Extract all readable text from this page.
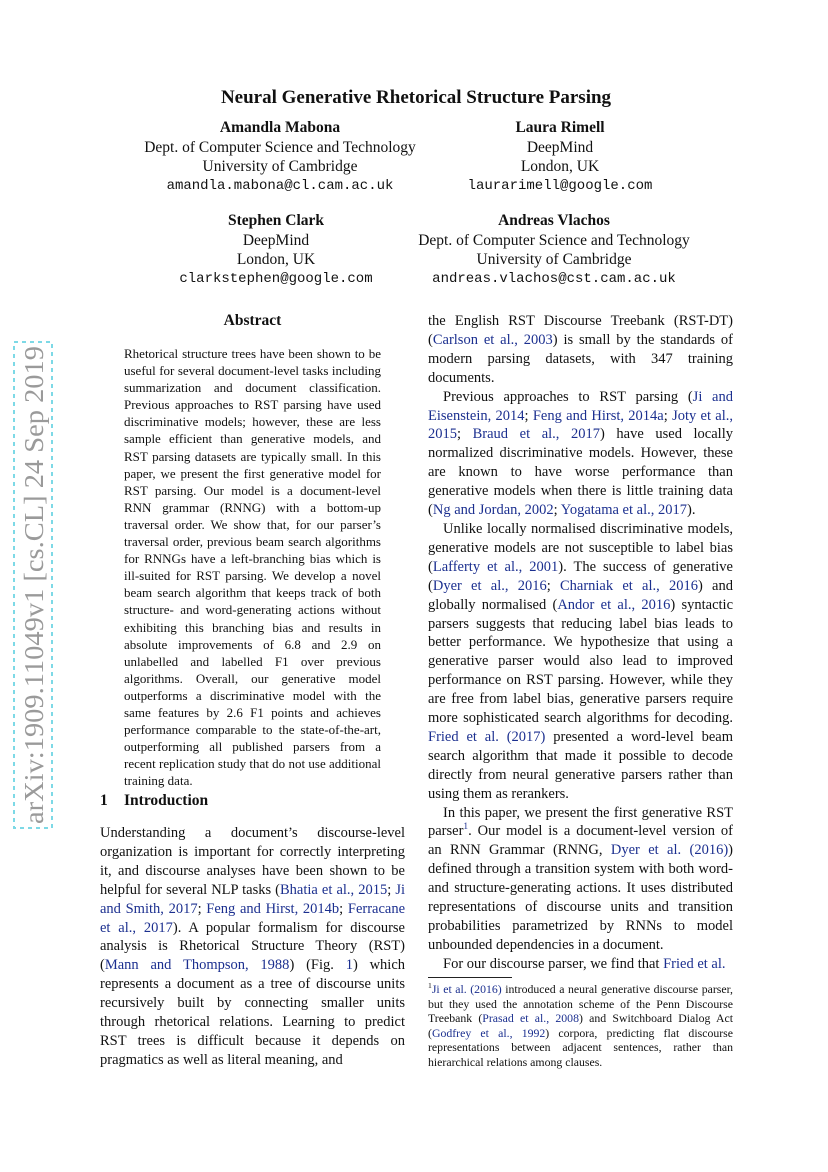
arXiv:1909.11049v1 [cs.CL] 24 Sep 2019
Neural Generative Rhetorical Structure Parsing
Amandla Mabona
Dept. of Computer Science and Technology
University of Cambridge
amandla.mabona@cl.cam.ac.uk
Laura Rimell
DeepMind
London, UK
laurarimell@google.com
Stephen Clark
DeepMind
London, UK
clarkstephen@google.com
Andreas Vlachos
Dept. of Computer Science and Technology
University of Cambridge
andreas.vlachos@cst.cam.ac.uk
Abstract
Rhetorical structure trees have been shown to be useful for several document-level tasks including summarization and document classification. Previous approaches to RST parsing have used discriminative models; however, these are less sample efficient than generative models, and RST parsing datasets are typically small. In this paper, we present the first generative model for RST parsing. Our model is a document-level RNN grammar (RNNG) with a bottom-up traversal order. We show that, for our parser’s traversal order, previous beam search algorithms for RNNGs have a left-branching bias which is ill-suited for RST parsing. We develop a novel beam search algorithm that keeps track of both structure- and word-generating actions without exhibiting this branching bias and results in absolute improvements of 6.8 and 2.9 on unlabelled and labelled F1 over previous algorithms. Overall, our generative model outperforms a discriminative model with the same features by 2.6 F1 points and achieves performance comparable to the state-of-the-art, outperforming all published parsers from a recent replication study that do not use additional training data.
1 Introduction

Understanding a document’s discourse-level organization is important for correctly interpreting it, and discourse analyses have been shown to be helpful for several NLP tasks (Bhatia et al., 2015; Ji and Smith, 2017; Feng and Hirst, 2014b; Ferracane et al., 2017). A popular formalism for discourse analysis is Rhetorical Structure Theory (RST) (Mann and Thompson, 1988) (Fig. 1) which represents a document as a tree of discourse units recursively built by connecting smaller units through rhetorical relations. Learning to predict RST trees is difficult because it depends on pragmatics as well as literal meaning, and

the English RST Discourse Treebank (RST-DT) (Carlson et al., 2003) is small by the standards of modern parsing datasets, with 347 training documents.

Previous approaches to RST parsing (Ji and Eisenstein, 2014; Feng and Hirst, 2014a; Joty et al., 2015; Braud et al., 2017) have used locally normalized discriminative models. However, these are known to have worse performance than generative models when there is little training data (Ng and Jordan, 2002; Yogatama et al., 2017).

Unlike locally normalised discriminative models, generative models are not susceptible to label bias (Lafferty et al., 2001). The success of generative (Dyer et al., 2016; Charniak et al., 2016) and globally normalised (Andor et al., 2016) syntactic parsers suggests that reducing label bias leads to better performance. We hypothesize that using a generative parser would also lead to improved performance on RST parsing. However, while they are free from label bias, generative parsers require more sophisticated search algorithms for decoding. Fried et al. (2017) presented a word-level beam search algorithm that made it possible to decode directly from neural generative parsers rather than using them as rerankers.

In this paper, we present the first generative RST parser$^1$. Our model is a document-level version of an RNN Grammar (RNNG, Dyer et al. (2016)) defined through a transition system with both word- and structure-generating actions. It uses distributed representations of discourse units and transition probabilities parametrized by RNNs to model unbounded dependencies in a document.

For our discourse parser, we find that Fried et al.

$^1$Ji et al. (2016) introduced a neural generative discourse parser, but they used the annotation scheme of the Penn Discourse Treebank (Prasad et al., 2008) and Switchboard Dialog Act (Godfrey et al., 1992) corpora, predicting flat discourse representations between adjacent sentences, rather than hierarchical relations among clauses.
